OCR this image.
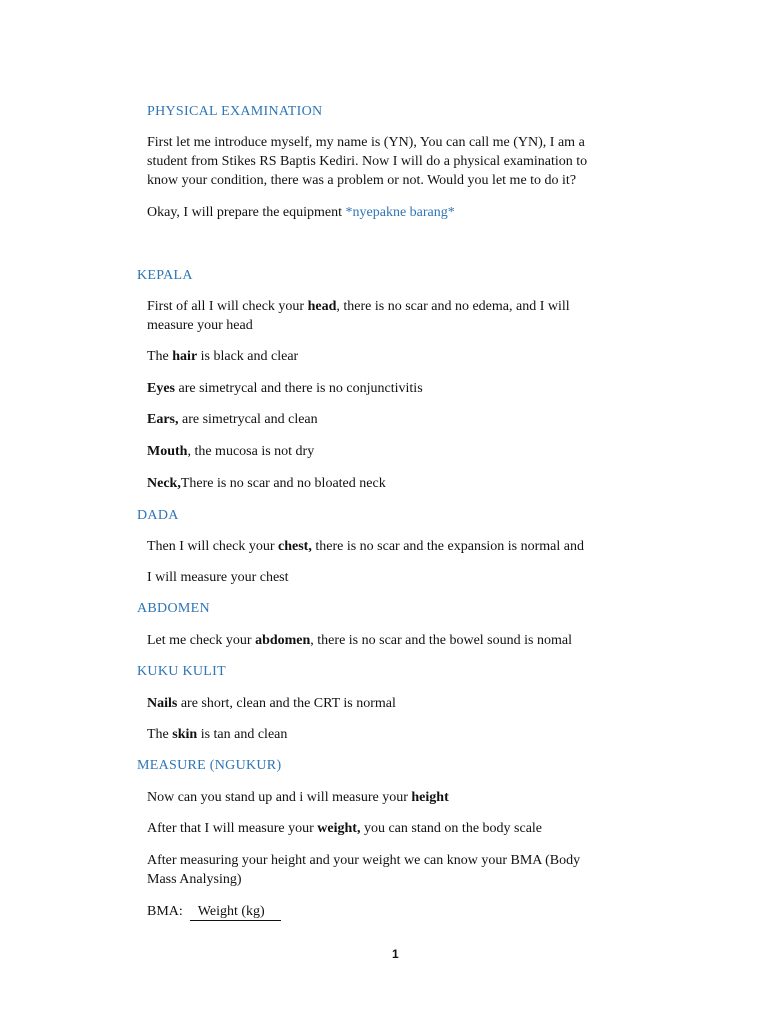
PHYSICAL EXAMINATION
First let me introduce myself, my name is (YN), You can call me (YN), I am a
student from Stikes RS Baptis Kediri. Now I will do a physical examination to
know your condition, there was a problem or not. Would you let me to do it?
Okay, I will prepare the equipment *nyepakne barang*
KEPALA
First of all I will check your head, there is no scar and no edema, and I will
measure your head
The hair is black and clear
Eyes are simetrycal and there is no conjunctivitis
Ears, are simetrycal and clean
Mouth, the mucosa is not dry
Neck,There is no scar and no bloated neck
DADA
Then I will check your chest, there is no scar and the expansion is normal and
I will measure your chest
ABDOMEN
Let me check your abdomen, there is no scar and the bowel sound is nomal
KUKU KULIT
Nails are short, clean and the CRT is normal
The skin is tan and clean
MEASURE (NGUKUR)
Now can you stand up and i will measure your height
After that I will measure your weight, you can stand on the body scale
After measuring your height and your weight we can know your BMA (Body
Mass Analysing)
BMA: Weight (kg)
1
